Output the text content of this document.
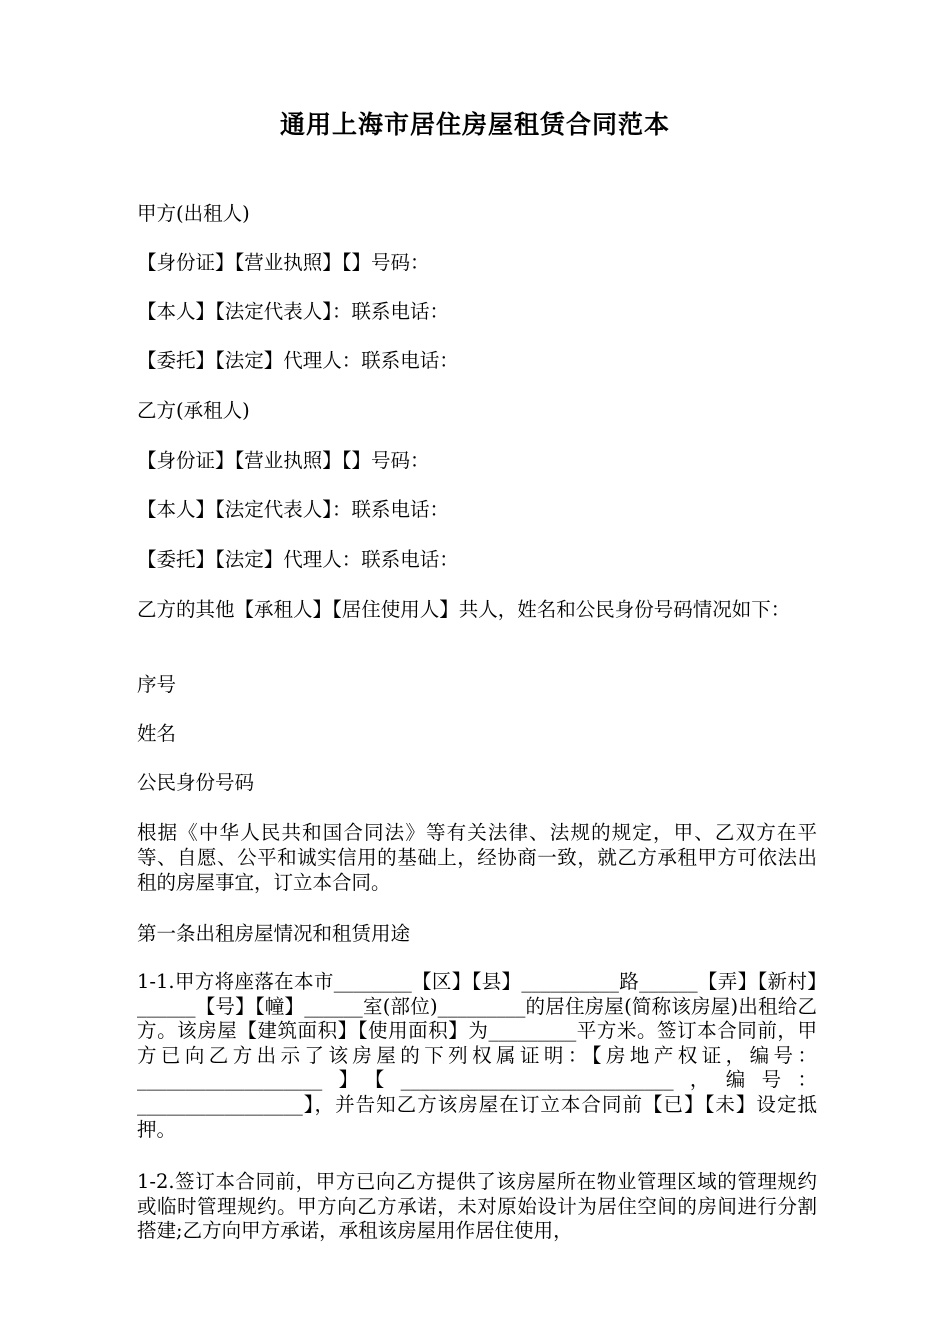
通用上海市居住房屋租赁合同范本

甲方(出租人)

【身份证】【营业执照】【】号码：

【本人】【法定代表人】：联系电话：

【委托】【法定】代理人：联系电话：

乙方(承租人)

【身份证】【营业执照】【】号码：

【本人】【法定代表人】：联系电话：

【委托】【法定】代理人：联系电话：

乙方的其他【承租人】【居住使用人】共人，姓名和公民身份号码情况如下：

序号

姓名

公民身份号码

根据《中华人民共和国合同法》等有关法律、法规的规定，甲、乙双方在平等、自愿、公平和诚实信用的基础上，经协商一致，就乙方承租甲方可依法出租的房屋事宜，订立本合同。

第一条出租房屋情况和租赁用途

1-1.甲方将座落在本市________【区】【县】__________路______【弄】【新村】______【号】【幢】______室(部位)_________的居住房屋(简称该房屋)出租给乙方。该房屋【建筑面积】【使用面积】为_________平方米。签订本合同前，甲方已向乙方出示了该房屋的下列权属证明：【房地产权证，编号：___________________】【____________________________，编号：_________________】，并告知乙方该房屋在订立本合同前【已】【未】设定抵押。

1-2.签订本合同前，甲方已向乙方提供了该房屋所在物业管理区域的管理规约或临时管理规约。甲方向乙方承诺，未对原始设计为居住空间的房间进行分割搭建;乙方向甲方承诺，承租该房屋用作居住使用，
